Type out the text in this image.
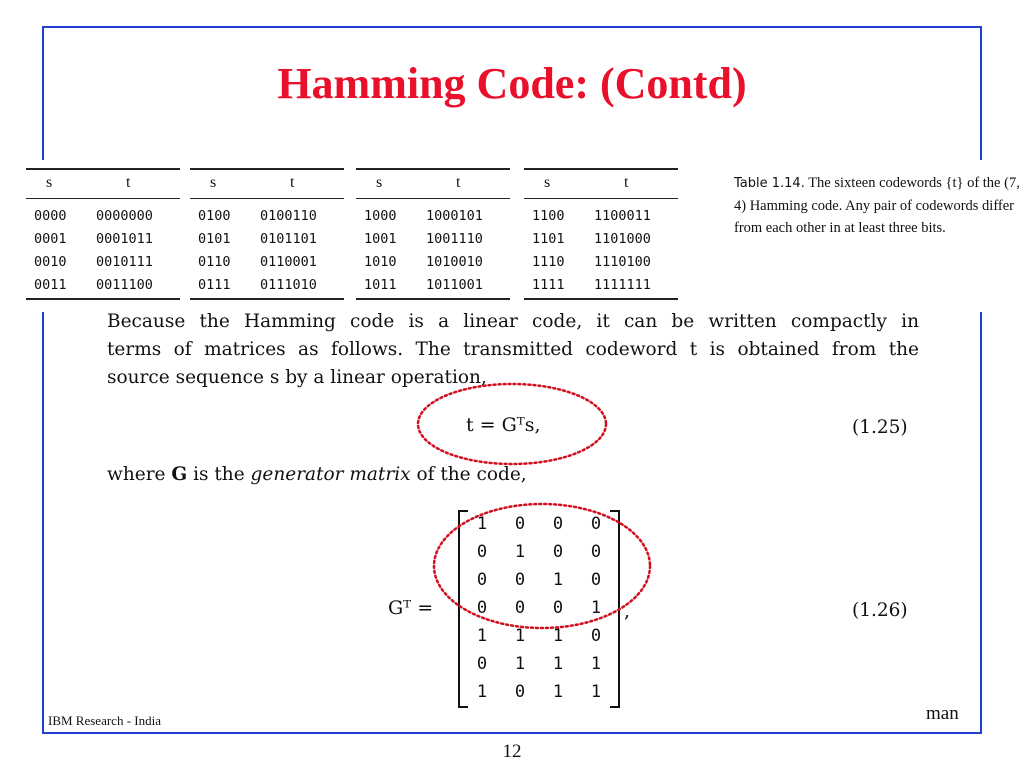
Hamming Code: (Contd)
s	t
0000 0000000
0001 0001011
0010 0010111
0011 0011100
s	t
0100 0100110
0101 0101101
0110 0110001
0111 0111010
s	t
1000 1000101
1001 1001110
1010 1010010
1011 1011001
s	t
1100 1100011
1101 1101000
1110 1110100
1111 1111111
Table 1.14. The sixteen codewords {t} of the (7, 4) Hamming code. Any pair of codewords differ from each other in at least three bits.
Because the Hamming code is a linear code, it can be written compactly in
terms of matrices as follows. The transmitted codeword t is obtained from the
source sequence s by a linear operation,
t = Gᵀs,	(1.25)
where G is the generator matrix of the code,
Gᵀ =
1 0 0 0
0 1 0 0
0 0 1 0
0 0 0 1
1 1 1 0
0 1 1 1
1 0 1 1
,	(1.26)
IBM Research - India	man
12
